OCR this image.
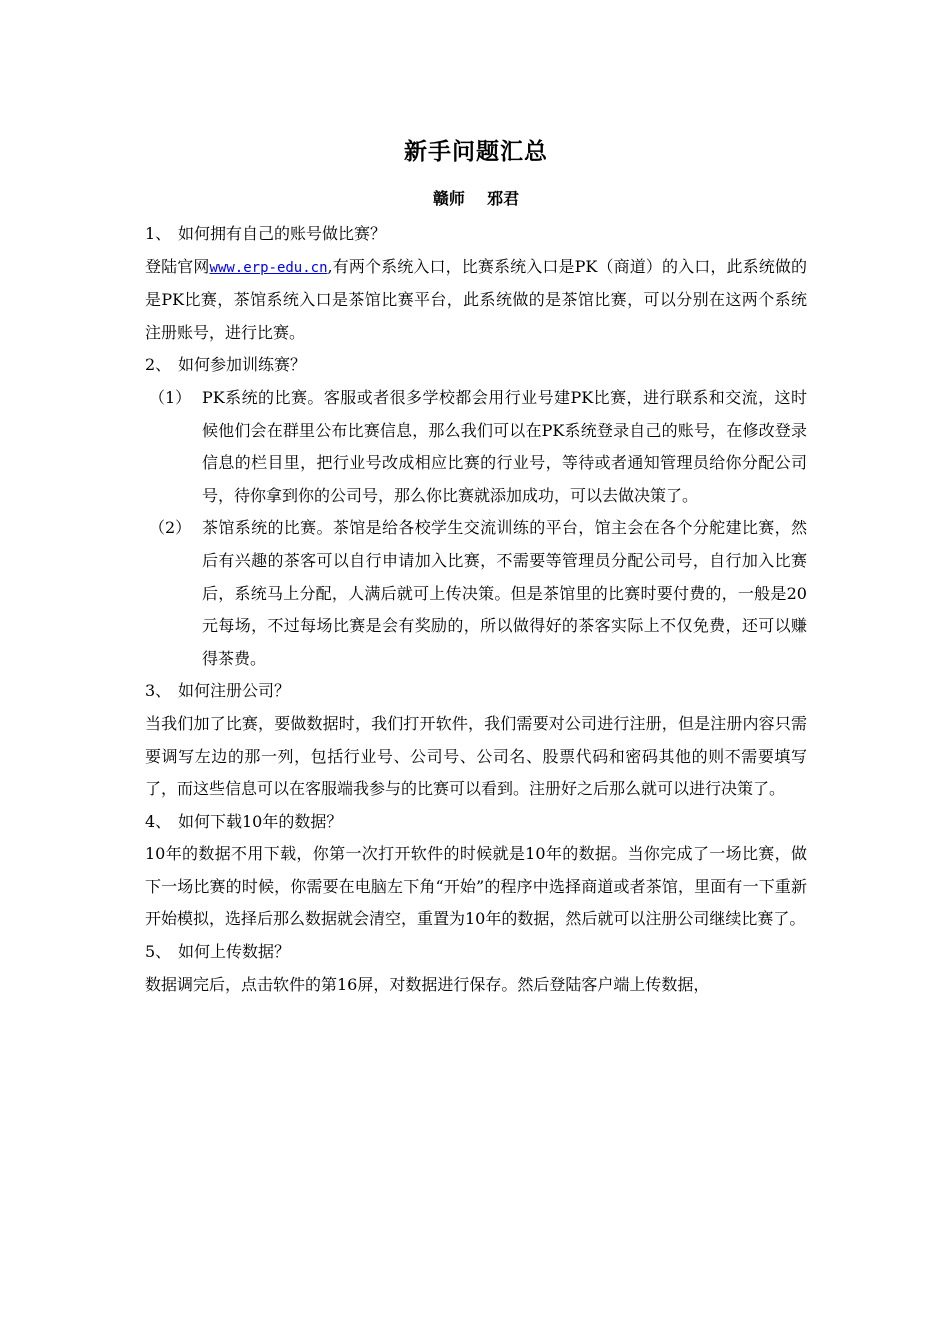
新手问题汇总
赣师    邪君
1、 如何拥有自己的账号做比赛？
登陆官网www.erp-edu.cn,有两个系统入口，比赛系统入口是PK（商道）的入口，此系统做的是PK比赛，茶馆系统入口是茶馆比赛平台，此系统做的是茶馆比赛，可以分别在这两个系统注册账号，进行比赛。
2、 如何参加训练赛？
（1） PK系统的比赛。客服或者很多学校都会用行业号建PK比赛，进行联系和交流，这时候他们会在群里公布比赛信息，那么我们可以在PK系统登录自己的账号，在修改登录信息的栏目里，把行业号改成相应比赛的行业号，等待或者通知管理员给你分配公司号，待你拿到你的公司号，那么你比赛就添加成功，可以去做决策了。
（2） 茶馆系统的比赛。茶馆是给各校学生交流训练的平台，馆主会在各个分舵建比赛，然后有兴趣的茶客可以自行申请加入比赛，不需要等管理员分配公司号，自行加入比赛后，系统马上分配，人满后就可上传决策。但是茶馆里的比赛时要付费的，一般是20元每场，不过每场比赛是会有奖励的，所以做得好的茶客实际上不仅免费，还可以赚得茶费。
3、 如何注册公司？
当我们加了比赛，要做数据时，我们打开软件，我们需要对公司进行注册，但是注册内容只需要调写左边的那一列，包括行业号、公司号、公司名、股票代码和密码其他的则不需要填写了，而这些信息可以在客服端我参与的比赛可以看到。注册好之后那么就可以进行决策了。
4、 如何下载10年的数据？
10年的数据不用下载，你第一次打开软件的时候就是10年的数据。当你完成了一场比赛，做下一场比赛的时候，你需要在电脑左下角“开始”的程序中选择商道或者茶馆，里面有一下重新开始模拟，选择后那么数据就会清空，重置为10年的数据，然后就可以注册公司继续比赛了。
5、 如何上传数据？
数据调完后，点击软件的第16屏，对数据进行保存。然后登陆客户端上传数据，
